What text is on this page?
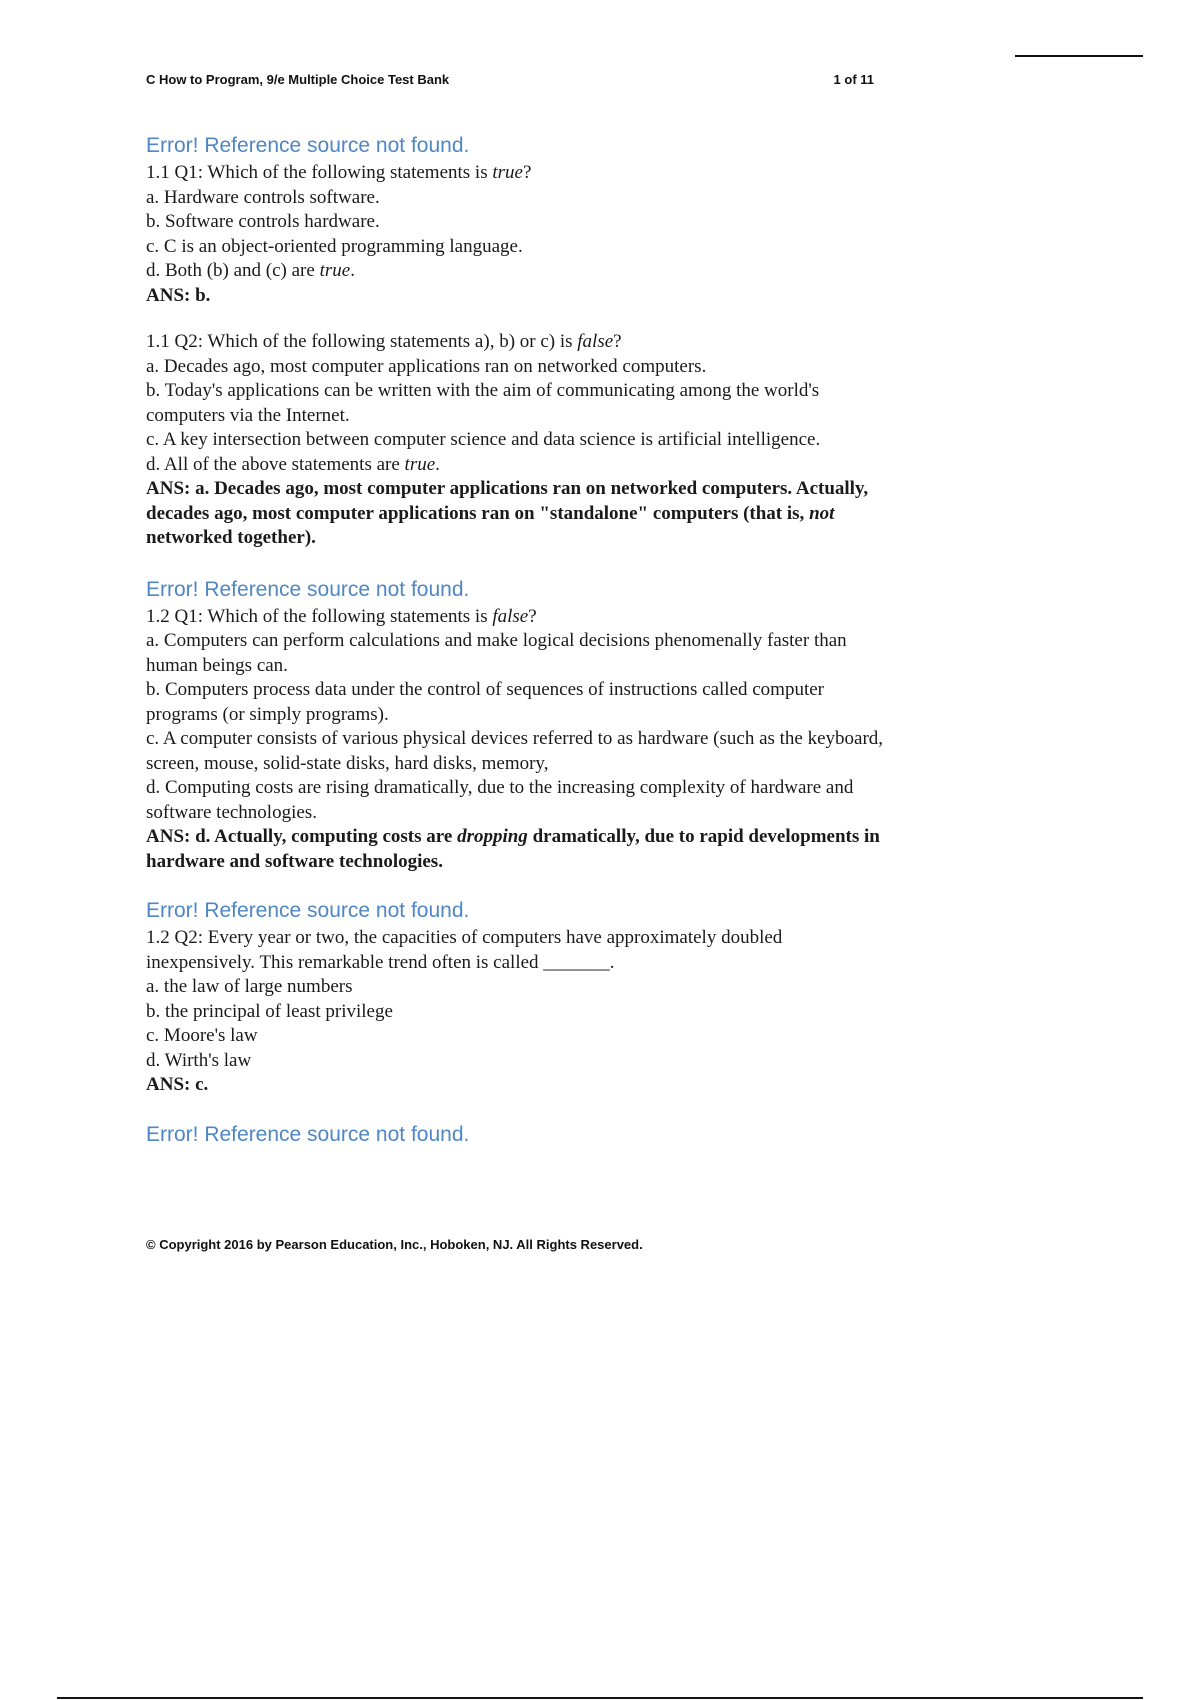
C How to Program, 9/e Multiple Choice Test Bank	1 of 11
Error! Reference source not found.

1.1 Q1: Which of the following statements is true?

a. Hardware controls software.

b. Software controls hardware.

c. C is an object-oriented programming language.

d. Both (b) and (c) are true.

ANS: b.

1.1 Q2: Which of the following statements a), b) or c) is false?

a. Decades ago, most computer applications ran on networked computers.

b. Today's applications can be written with the aim of communicating among the world's computers via the Internet.

c. A key intersection between computer science and data science is artificial intelligence.

d. All of the above statements are true.

ANS: a. Decades ago, most computer applications ran on networked computers. Actually, decades ago, most computer applications ran on "standalone" computers (that is, not networked together).

Error! Reference source not found.

1.2 Q1: Which of the following statements is false?

a. Computers can perform calculations and make logical decisions phenomenally faster than human beings can.

b. Computers process data under the control of sequences of instructions called computer programs (or simply programs).

c. A computer consists of various physical devices referred to as hardware (such as the keyboard, screen, mouse, solid-state disks, hard disks, memory,

d. Computing costs are rising dramatically, due to the increasing complexity of hardware and software technologies.

ANS: d. Actually, computing costs are dropping dramatically, due to rapid developments in hardware and software technologies.

Error! Reference source not found.

1.2 Q2: Every year or two, the capacities of computers have approximately doubled inexpensively. This remarkable trend often is called _______.

a. the law of large numbers

b. the principal of least privilege

c. Moore's law

d. Wirth's law

ANS: c.

Error! Reference source not found.
© Copyright 2016 by Pearson Education, Inc., Hoboken, NJ. All Rights Reserved.
